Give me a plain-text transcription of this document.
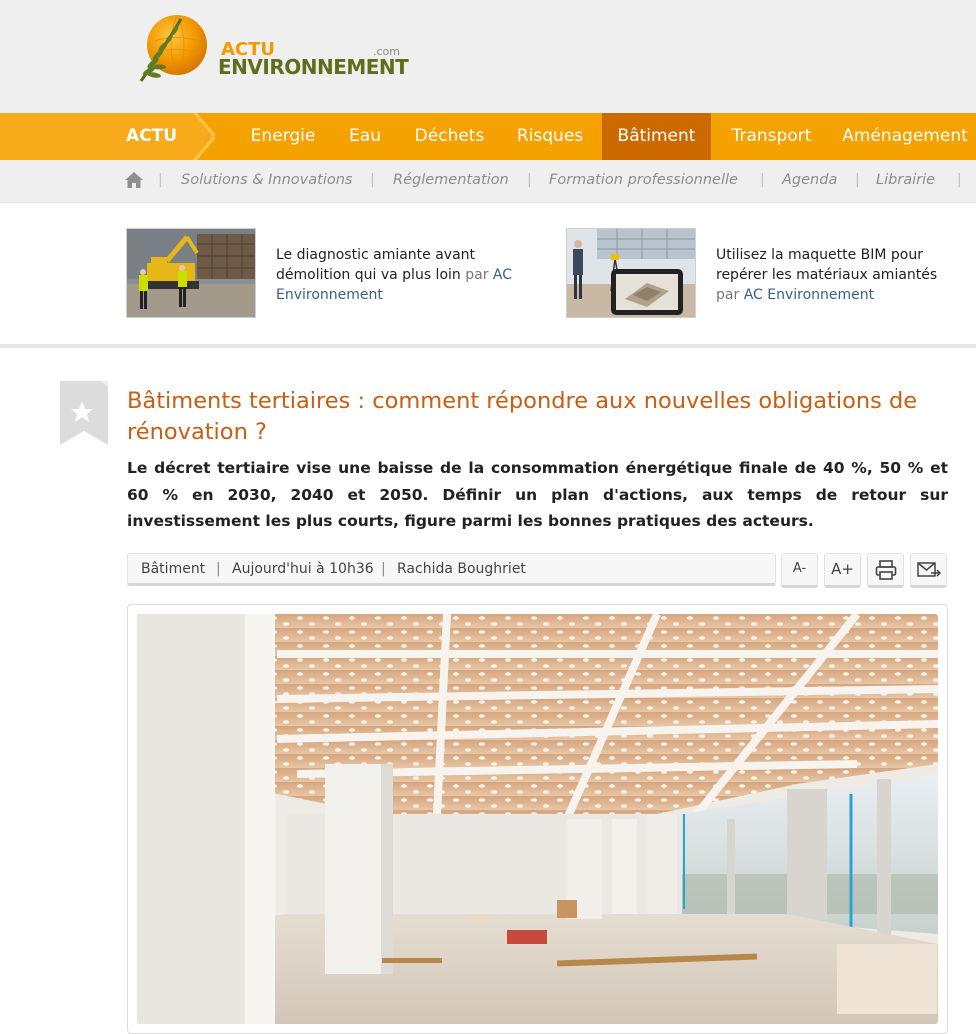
ACTU	.com
ENVIRONNEMENT
ACTU	Energie	Eau	Déchets	Risques	Bâtiment	Transport	Aménagement
| Solutions & Innovations | Réglementation | Formation professionnelle | Agenda | Librairie |
Le diagnostic amiante avant démolition qui va plus loin par AC Environnement
Utilisez la maquette BIM pour repérer les matériaux amiantés par AC Environnement
Bâtiments tertiaires : comment répondre aux nouvelles obligations de rénovation ?

Le décret tertiaire vise une baisse de la consommation énergétique finale de 40 %, 50 % et 60 % en 2030, 2040 et 2050. Définir un plan d'actions, aux temps de retour sur investissement les plus courts, figure parmi les bonnes pratiques des acteurs.

Bâtiment | Aujourd'hui à 10h36 | Rachida Boughriet	A-	A+
